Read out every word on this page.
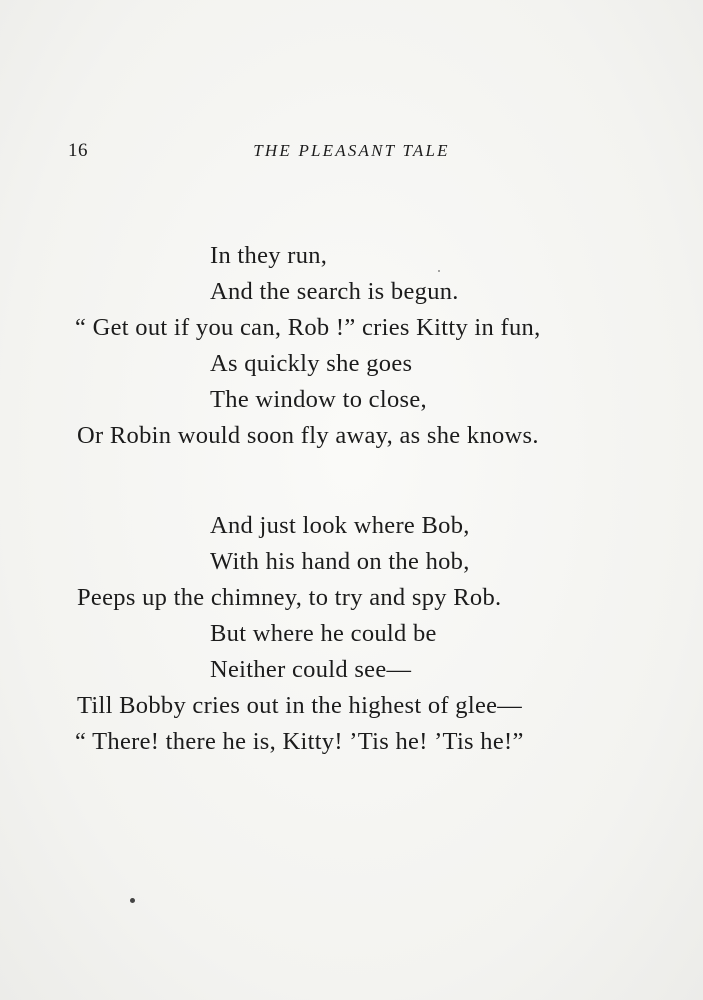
16	THE PLEASANT TALE
In they run,
And the search is begun.
“ Get out if you can, Rob !” cries Kitty in fun,
As quickly she goes
The window to close,
Or Robin would soon fly away, as she knows.
And just look where Bob,
With his hand on the hob,
Peeps up the chimney, to try and spy Rob.
But where he could be
Neither could see—
Till Bobby cries out in the highest of glee—
“ There! there he is, Kitty! ’Tis he! ’Tis he!”
